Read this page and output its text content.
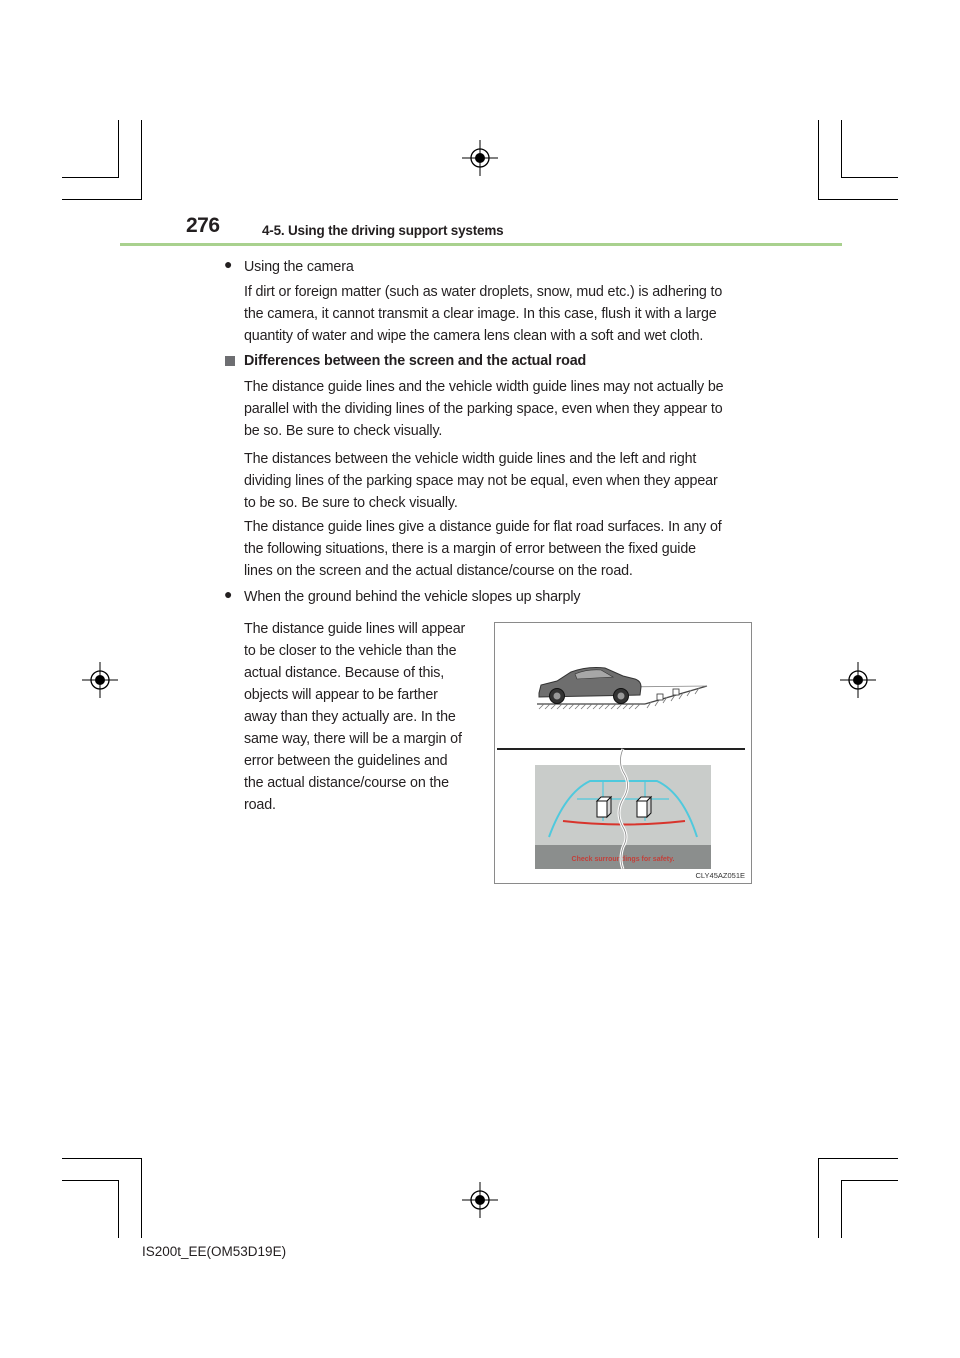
276	4-5. Using the driving support systems
● Using the camera
If dirt or foreign matter (such as water droplets, snow, mud etc.) is adhering to
the camera, it cannot transmit a clear image. In this case, flush it with a large
quantity of water and wipe the camera lens clean with a soft and wet cloth.
Differences between the screen and the actual road
The distance guide lines and the vehicle width guide lines may not actually be
parallel with the dividing lines of the parking space, even when they appear to
be so. Be sure to check visually.
The distances between the vehicle width guide lines and the left and right
dividing lines of the parking space may not be equal, even when they appear
to be so. Be sure to check visually.
The distance guide lines give a distance guide for flat road surfaces. In any of
the following situations, there is a margin of error between the fixed guide
lines on the screen and the actual distance/course on the road.
● When the ground behind the vehicle slopes up sharply
The distance guide lines will appear
to be closer to the vehicle than the
actual distance. Because of this,
objects will appear to be farther
away than they actually are. In the
same way, there will be a margin of
error between the guidelines and
the actual distance/course on the
road.
Check surroundings for safety.
CLY45AZ051E
IS200t_EE(OM53D19E)
